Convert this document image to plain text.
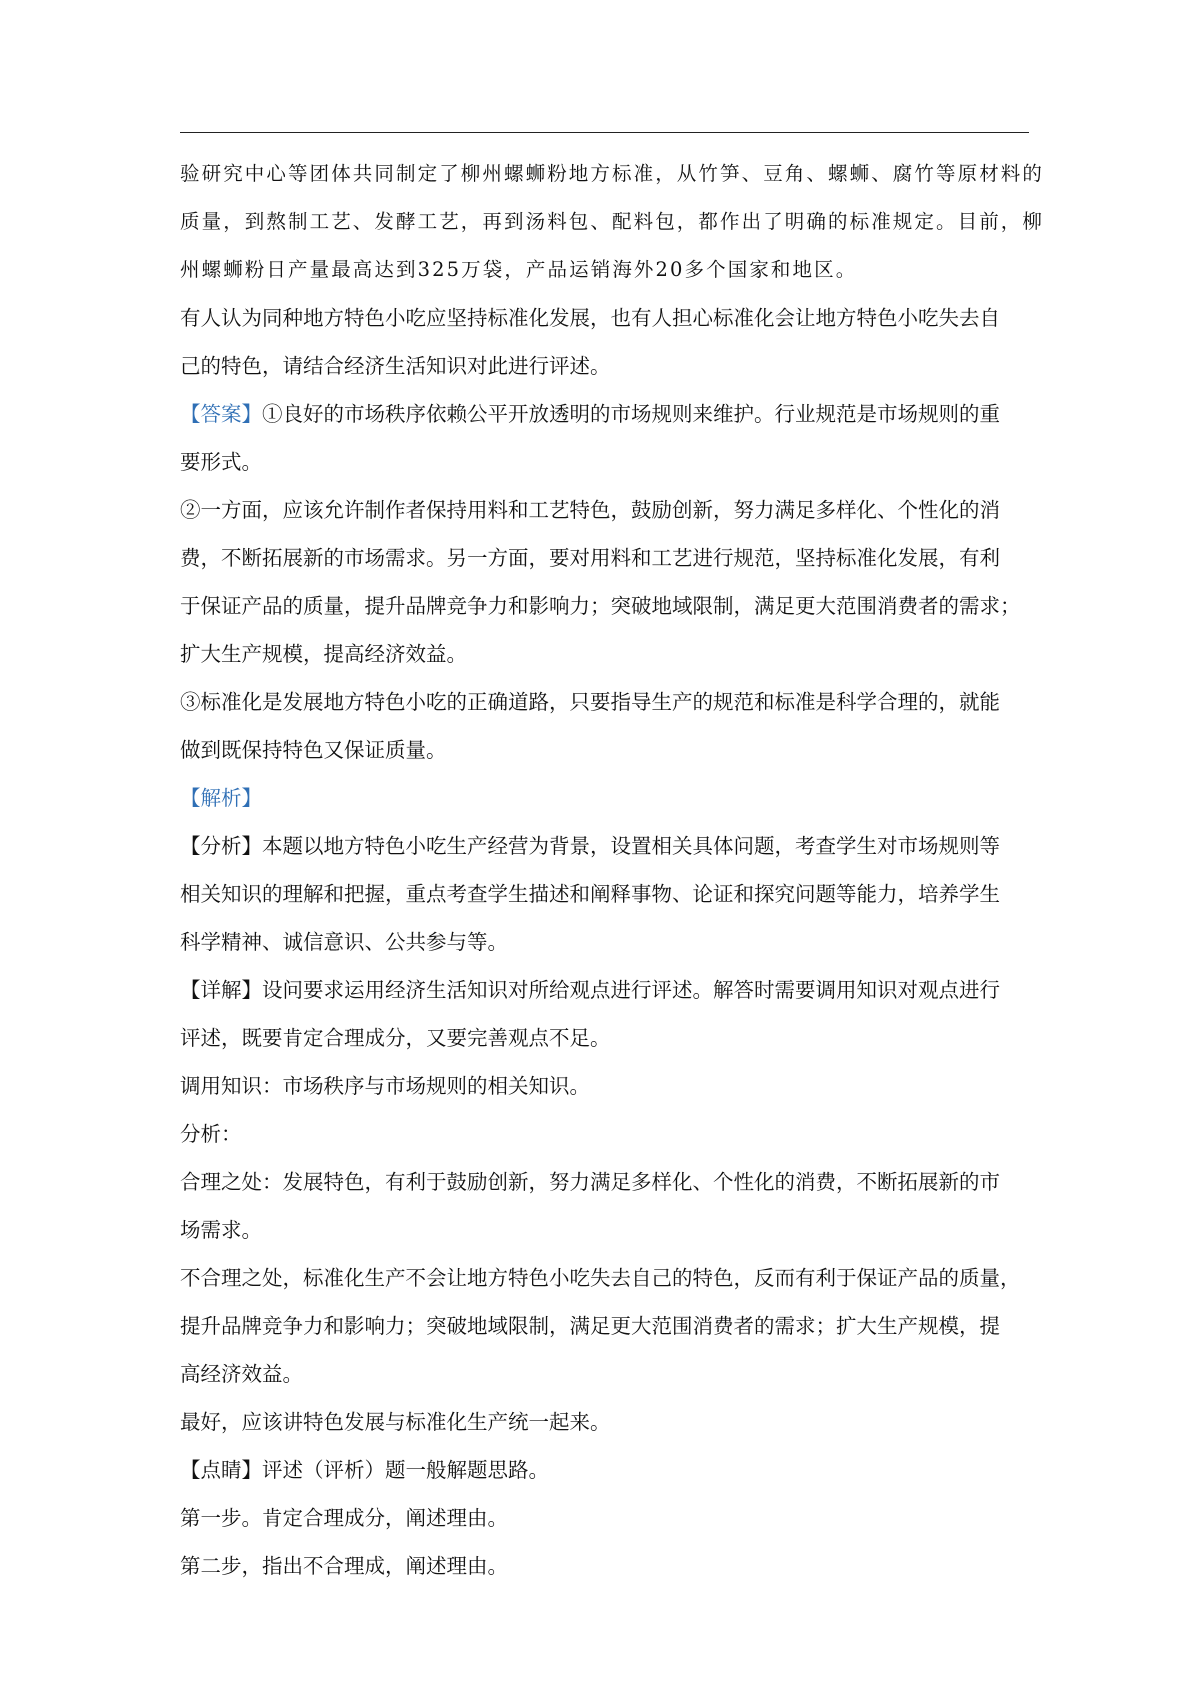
验研究中心等团体共同制定了柳州螺蛳粉地方标准，从竹笋、豆角、螺蛳、腐竹等原材料的
质量，到熬制工艺、发酵工艺，再到汤料包、配料包，都作出了明确的标准规定。目前，柳
州螺蛳粉日产量最高达到325万袋，产品运销海外20多个国家和地区。
有人认为同种地方特色小吃应坚持标准化发展，也有人担心标准化会让地方特色小吃失去自
己的特色，请结合经济生活知识对此进行评述。
【答案】①良好的市场秩序依赖公平开放透明的市场规则来维护。行业规范是市场规则的重
要形式。
②一方面，应该允许制作者保持用料和工艺特色，鼓励创新，努力满足多样化、个性化的消
费，不断拓展新的市场需求。另一方面，要对用料和工艺进行规范，坚持标准化发展，有利
于保证产品的质量，提升品牌竞争力和影响力；突破地域限制，满足更大范围消费者的需求；
扩大生产规模，提高经济效益。
③标准化是发展地方特色小吃的正确道路，只要指导生产的规范和标准是科学合理的，就能
做到既保持特色又保证质量。
【解析】
【分析】本题以地方特色小吃生产经营为背景，设置相关具体问题，考查学生对市场规则等
相关知识的理解和把握，重点考查学生描述和阐释事物、论证和探究问题等能力，培养学生
科学精神、诚信意识、公共参与等。
【详解】设问要求运用经济生活知识对所给观点进行评述。解答时需要调用知识对观点进行
评述，既要肯定合理成分，又要完善观点不足。
调用知识：市场秩序与市场规则的相关知识。
分析：
合理之处：发展特色，有利于鼓励创新，努力满足多样化、个性化的消费，不断拓展新的市
场需求。
不合理之处，标准化生产不会让地方特色小吃失去自己的特色，反而有利于保证产品的质量，
提升品牌竞争力和影响力；突破地域限制，满足更大范围消费者的需求；扩大生产规模，提
高经济效益。
最好，应该讲特色发展与标准化生产统一起来。
【点睛】评述（评析）题一般解题思路。
第一步。肯定合理成分，阐述理由。
第二步，指出不合理成，阐述理由。
